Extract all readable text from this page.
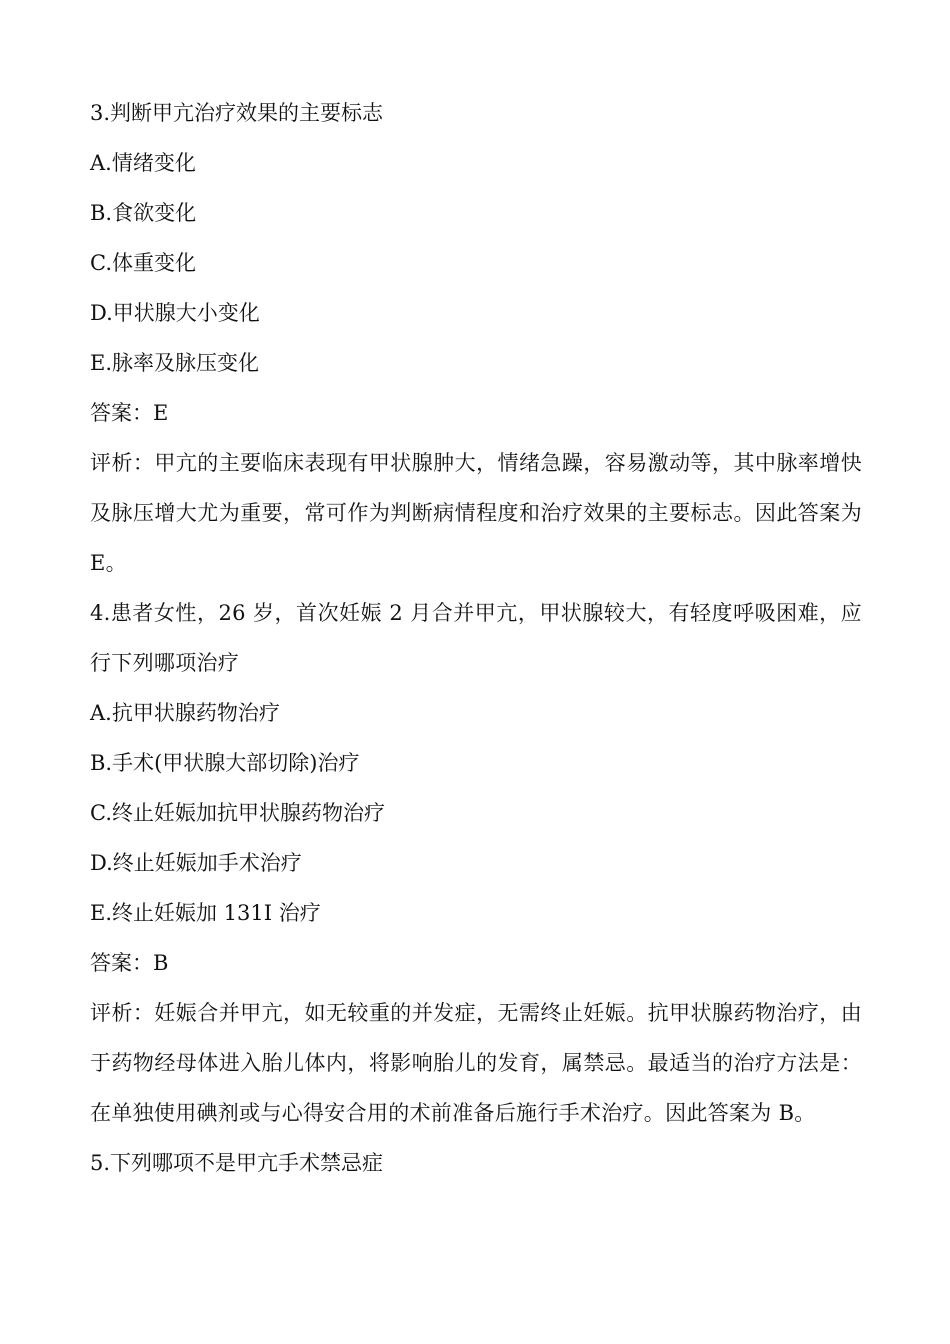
3.判断甲亢治疗效果的主要标志
A.情绪变化
B.食欲变化
C.体重变化
D.甲状腺大小变化
E.脉率及脉压变化
答案：E
评析：甲亢的主要临床表现有甲状腺肿大，情绪急躁，容易激动等，其中脉率增快及脉压增大尤为重要，常可作为判断病情程度和治疗效果的主要标志。因此答案为 E。
4.患者女性，26 岁，首次妊娠 2 月合并甲亢，甲状腺较大，有轻度呼吸困难，应行下列哪项治疗
A.抗甲状腺药物治疗
B.手术(甲状腺大部切除)治疗
C.终止妊娠加抗甲状腺药物治疗
D.终止妊娠加手术治疗
E.终止妊娠加 131I 治疗
答案：B
评析：妊娠合并甲亢，如无较重的并发症，无需终止妊娠。抗甲状腺药物治疗，由于药物经母体进入胎儿体内，将影响胎儿的发育，属禁忌。最适当的治疗方法是：在单独使用碘剂或与心得安合用的术前准备后施行手术治疗。因此答案为 B。
5.下列哪项不是甲亢手术禁忌症
